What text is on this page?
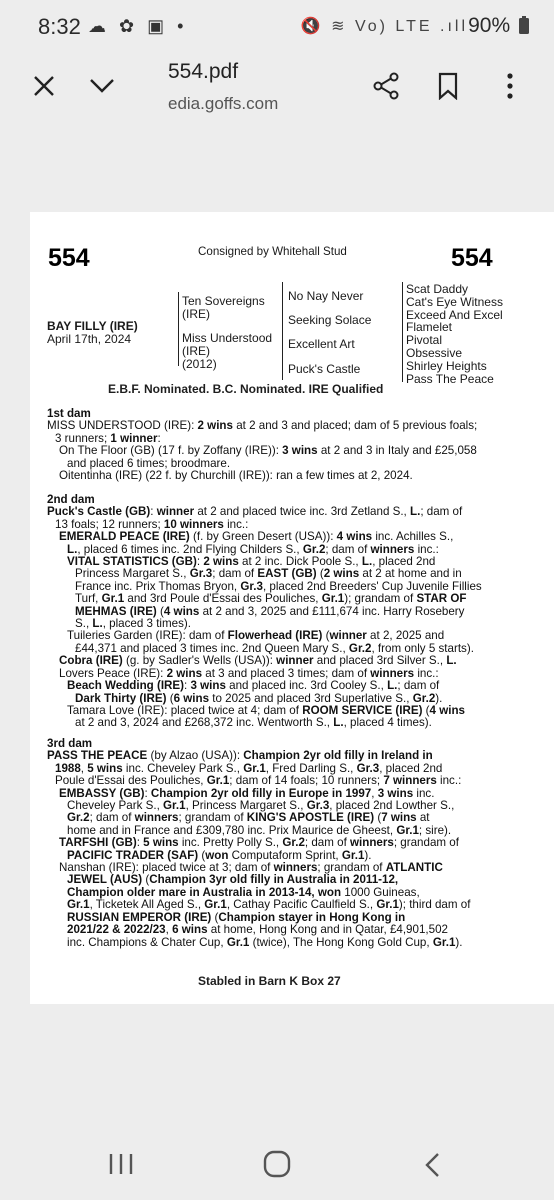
8:32 ☁ ✿ ▣ •	🔇 ≋ Vo) LTE .ıll 90%
554.pdf
edia.goffs.com
554	554
Consigned by Whitehall Stud
BAY FILLY (IRE)
April 17th, 2024
Ten Sovereigns
(IRE)
Miss Understood
(IRE)
(2012)
No Nay Never
Seeking Solace
Excellent Art
Puck's Castle
Scat Daddy
Cat's Eye Witness
Exceed And Excel
Flamelet
Pivotal
Obsessive
Shirley Heights
Pass The Peace
E.B.F. Nominated. B.C. Nominated. IRE Qualified

1st dam

MISS UNDERSTOOD (IRE): 2 wins at 2 and 3 and placed; dam of 5 previous foals;

3 runners; 1 winner:

On The Floor (GB) (17 f. by Zoffany (IRE)): 3 wins at 2 and 3 in Italy and £25,058

and placed 6 times; broodmare.

Oitentinha (IRE) (22 f. by Churchill (IRE)): ran a few times at 2, 2024.

2nd dam

Puck's Castle (GB): winner at 2 and placed twice inc. 3rd Zetland S., L.; dam of

13 foals; 12 runners; 10 winners inc.:

EMERALD PEACE (IRE) (f. by Green Desert (USA)): 4 wins inc. Achilles S.,

L., placed 6 times inc. 2nd Flying Childers S., Gr.2; dam of winners inc.:

VITAL STATISTICS (GB): 2 wins at 2 inc. Dick Poole S., L., placed 2nd

Princess Margaret S., Gr.3; dam of EAST (GB) (2 wins at 2 at home and in

France inc. Prix Thomas Bryon, Gr.3, placed 2nd Breeders' Cup Juvenile Fillies

Turf, Gr.1 and 3rd Poule d'Essai des Pouliches, Gr.1); grandam of STAR OF

MEHMAS (IRE) (4 wins at 2 and 3, 2025 and £111,674 inc. Harry Rosebery

S., L., placed 3 times).

Tuileries Garden (IRE): dam of Flowerhead (IRE) (winner at 2, 2025 and

£44,371 and placed 3 times inc. 2nd Queen Mary S., Gr.2, from only 5 starts).

Cobra (IRE) (g. by Sadler's Wells (USA)): winner and placed 3rd Silver S., L.

Lovers Peace (IRE): 2 wins at 3 and placed 3 times; dam of winners inc.:

Beach Wedding (IRE): 3 wins and placed inc. 3rd Cooley S., L.; dam of

Dark Thirty (IRE) (6 wins to 2025 and placed 3rd Superlative S., Gr.2).

Tamara Love (IRE): placed twice at 4; dam of ROOM SERVICE (IRE) (4 wins

at 2 and 3, 2024 and £268,372 inc. Wentworth S., L., placed 4 times).

3rd dam

PASS THE PEACE (by Alzao (USA)): Champion 2yr old filly in Ireland in

1988, 5 wins inc. Cheveley Park S., Gr.1, Fred Darling S., Gr.3, placed 2nd

Poule d'Essai des Pouliches, Gr.1; dam of 14 foals; 10 runners; 7 winners inc.:

EMBASSY (GB): Champion 2yr old filly in Europe in 1997, 3 wins inc.

Cheveley Park S., Gr.1, Princess Margaret S., Gr.3, placed 2nd Lowther S.,

Gr.2; dam of winners; grandam of KING'S APOSTLE (IRE) (7 wins at

home and in France and £309,780 inc. Prix Maurice de Gheest, Gr.1; sire).

TARFSHI (GB): 5 wins inc. Pretty Polly S., Gr.2; dam of winners; grandam of

PACIFIC TRADER (SAF) (won Computaform Sprint, Gr.1).

Nanshan (IRE): placed twice at 3; dam of winners; grandam of ATLANTIC

JEWEL (AUS) (Champion 3yr old filly in Australia in 2011-12,

Champion older mare in Australia in 2013-14, won 1000 Guineas,

Gr.1, Ticketek All Aged S., Gr.1, Cathay Pacific Caulfield S., Gr.1); third dam of

RUSSIAN EMPEROR (IRE) (Champion stayer in Hong Kong in

2021/22 & 2022/23, 6 wins at home, Hong Kong and in Qatar, £4,901,502

inc. Champions & Chater Cup, Gr.1 (twice), The Hong Kong Gold Cup, Gr.1).

Stabled in Barn K Box 27
